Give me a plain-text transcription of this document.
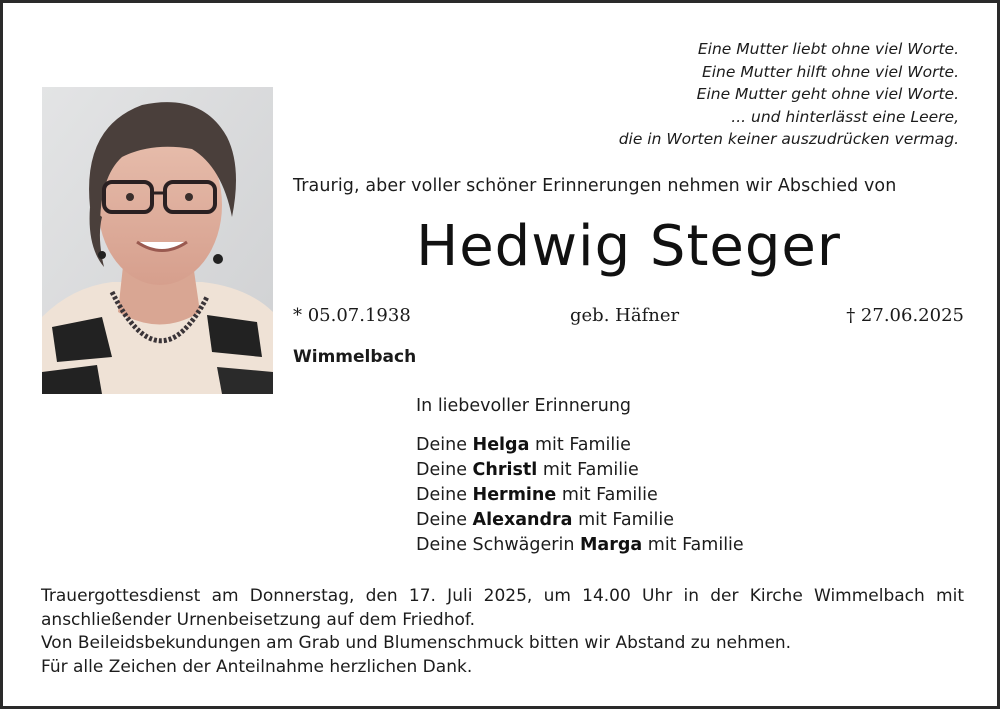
Eine Mutter liebt ohne viel Worte.
Eine Mutter hilft ohne viel Worte.
Eine Mutter geht ohne viel Worte.
... und hinterlässt eine Leere,
die in Worten keiner auszudrücken vermag.
Traurig, aber voller schöner Erinnerungen nehmen wir Abschied von
Hedwig Steger
* 05.07.1938	geb. Häfner	† 27.06.2025
Wimmelbach
In liebevoller Erinnerung
Deine Helga mit Familie
Deine Christl mit Familie
Deine Hermine mit Familie
Deine Alexandra mit Familie
Deine Schwägerin Marga mit Familie
Trauergottesdienst am Donnerstag, den 17. Juli 2025, um 14.00 Uhr in der Kirche Wimmelbach mit anschließender Urnenbeisetzung auf dem Friedhof.
Von Beileidsbekundungen am Grab und Blumenschmuck bitten wir Abstand zu nehmen.
Für alle Zeichen der Anteilnahme herzlichen Dank.
